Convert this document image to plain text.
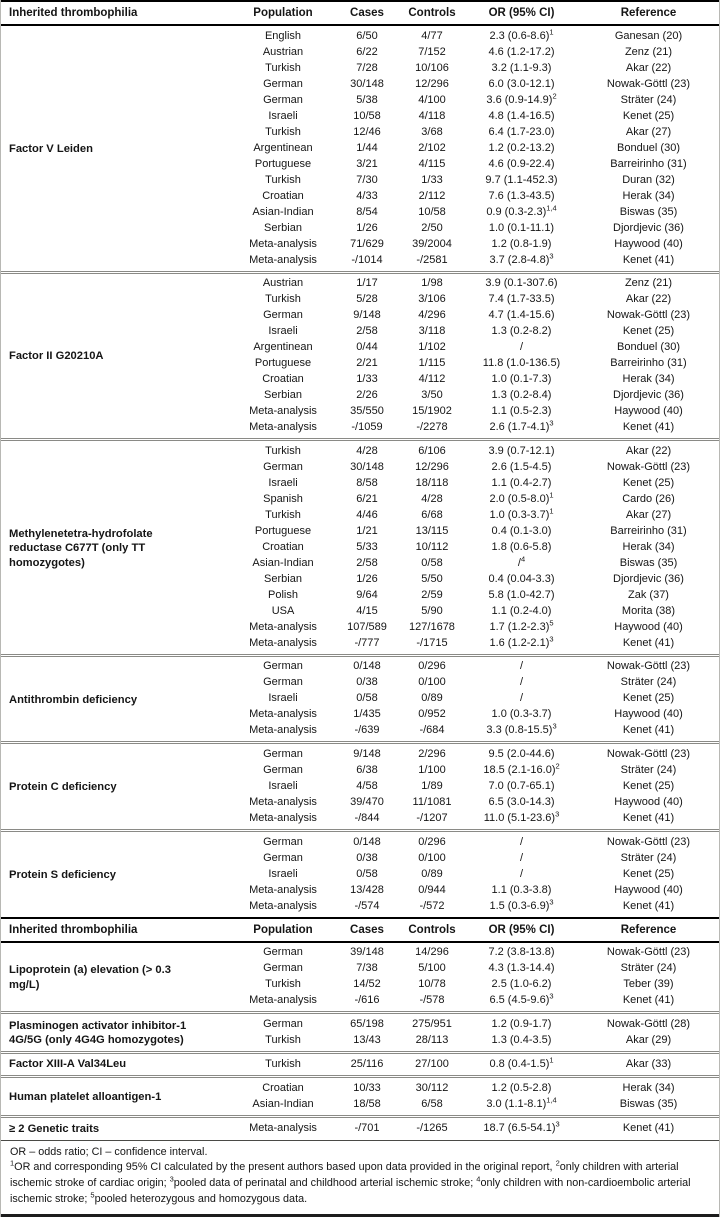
Inherited thrombophilia	Population	Cases	Controls	OR (95% CI)	Reference
Factor V Leiden	English	6/50	4/77	2.3 $(0.6-8.6)^1$	Ganesan (20)
	Austrian	6/22	7/152	4.6 (1.2-17.2)	Zenz (21)
	Turkish	7/28	10/106	3.2 (1.1-9.3)	Akar (22)
	German	30/148	12/296	6.0 (3.0-12.1)	Nowak-Göttl (23)
	German	5/38	4/100	3.6 $(0.9-14.9)^2$	Sträter (24)
	Israeli	10/58	4/118	4.8 (1.4-16.5)	Kenet (25)
	Turkish	12/46	3/68	6.4 (1.7-23.0)	Akar (27)
	Argentinean	1/44	2/102	1.2 (0.2-13.2)	Bonduel (30)
	Portuguese	3/21	4/115	4.6 (0.9-22.4)	Barreirinho (31)
	Turkish	7/30	1/33	9.7 (1.1-452.3)	Duran (32)
	Croatian	4/33	2/112	7.6 (1.3-43.5)	Herak (34)
	Asian-Indian	8/54	10/58	0.9 $(0.3-2.3)^{1,4}$	Biswas (35)
	Serbian	1/26	2/50	1.0 (0.1-11.1)	Djordjevic (36)
	Meta-analysis	71/629	39/2004	1.2 (0.8-1.9)	Haywood (40)
	Meta-analysis	-/1014	-/2581	3.7 $(2.8-4.8)^3$	Kenet (41)
Factor II G20210A	Austrian	1/17	1/98	3.9 (0.1-307.6)	Zenz (21)
	Turkish	5/28	3/106	7.4 (1.7-33.5)	Akar (22)
	German	9/148	4/296	4.7 (1.4-15.6)	Nowak-Göttl (23)
	Israeli	2/58	3/118	1.3 (0.2-8.2)	Kenet (25)
	Argentinean	0/44	1/102	/	Bonduel (30)
	Portuguese	2/21	1/115	11.8 (1.0-136.5)	Barreirinho (31)
	Croatian	1/33	4/112	1.0 (0.1-7.3)	Herak (34)
	Serbian	2/26	3/50	1.3 (0.2-8.4)	Djordjevic (36)
	Meta-analysis	35/550	15/1902	1.1 (0.5-2.3)	Haywood (40)
	Meta-analysis	-/1059	-/2278	2.6 $(1.7-4.1)^3$	Kenet (41)
Methylenetetra-hydrofolate reductase C677T (only TT homozygotes)	Turkish	4/28	6/106	3.9 (0.7-12.1)	Akar (22)
	German	30/148	12/296	2.6 (1.5-4.5)	Nowak-Göttl (23)
	Israeli	8/58	18/118	1.1 (0.4-2.7)	Kenet (25)
	Spanish	6/21	4/28	2.0 $(0.5-8.0)^1$	Cardo (26)
	Turkish	4/46	6/68	1.0 $(0.3-3.7)^1$	Akar (27)
	Portuguese	1/21	13/115	0.4 (0.1-3.0)	Barreirinho (31)
	Croatian	5/33	10/112	1.8 (0.6-5.8)	Herak (34)
	Asian-Indian	2/58	0/58	/$^4$	Biswas (35)
	Serbian	1/26	5/50	0.4 (0.04-3.3)	Djordjevic (36)
	Polish	9/64	2/59	5.8 (1.0-42.7)	Zak (37)
	USA	4/15	5/90	1.1 (0.2-4.0)	Morita (38)
	Meta-analysis	107/589	127/1678	1.7 $(1.2-2.3)^5$	Haywood (40)
	Meta-analysis	-/777	-/1715	1.6 $(1.2-2.1)^3$	Kenet (41)
Antithrombin deficiency	German	0/148	0/296	/	Nowak-Göttl (23)
	German	0/38	0/100	/	Sträter (24)
	Israeli	0/58	0/89	/	Kenet (25)
	Meta-analysis	1/435	0/952	1.0 (0.3-3.7)	Haywood (40)
	Meta-analysis	-/639	-/684	3.3 $(0.8-15.5)^3$	Kenet (41)
Protein C deficiency	German	9/148	2/296	9.5 (2.0-44.6)	Nowak-Göttl (23)
	German	6/38	1/100	18.5 $(2.1-16.0)^2$	Sträter (24)
	Israeli	4/58	1/89	7.0 (0.7-65.1)	Kenet (25)
	Meta-analysis	39/470	11/1081	6.5 (3.0-14.3)	Haywood (40)
	Meta-analysis	-/844	-/1207	11.0 $(5.1-23.6)^3$	Kenet (41)
Protein S deficiency	German	0/148	0/296	/	Nowak-Göttl (23)
	German	0/38	0/100	/	Sträter (24)
	Israeli	0/58	0/89	/	Kenet (25)
	Meta-analysis	13/428	0/944	1.1 (0.3-3.8)	Haywood (40)
	Meta-analysis	-/574	-/572	1.5 $(0.3-6.9)^3$	Kenet (41)
Inherited thrombophilia	Population	Cases	Controls	OR (95% CI)	Reference
Lipoprotein (a) elevation (> 0.3 mg/L)	German	39/148	14/296	7.2 (3.8-13.8)	Nowak-Göttl (23)
	German	7/38	5/100	4.3 (1.3-14.4)	Sträter (24)
	Turkish	14/52	10/78	2.5 (1.0-6.2)	Teber (39)
	Meta-analysis	-/616	-/578	6.5 $(4.5-9.6)^3$	Kenet (41)
Plasminogen activator inhibitor-1 4G/5G (only 4G4G homozygotes)	German	65/198	275/951	1.2 (0.9-1.7)	Nowak-Göttl (28)
	Turkish	13/43	28/113	1.3 (0.4-3.5)	Akar (29)
Factor XIII-A Val34Leu	Turkish	25/116	27/100	0.8 $(0.4-1.5)^1$	Akar (33)
Human platelet alloantigen-1	Croatian	10/33	30/112	1.2 (0.5-2.8)	Herak (34)
	Asian-Indian	18/58	6/58	3.0 $(1.1-8.1)^{1,4}$	Biswas (35)
≥ 2 Genetic traits	Meta-analysis	-/701	-/1265	18.7 $(6.5-54.1)^3$	Kenet (41)

OR – odds ratio; CI – confidence interval.

$^1$OR and corresponding 95% CI calculated by the present authors based upon data provided in the original report, $^2$only children with arterial ischemic stroke of cardiac origin; $^3$pooled data of perinatal and childhood arterial ischemic stroke; $^4$only children with non-cardioembolic arterial ischemic stroke; $^5$pooled heterozygous and homozygous data.
